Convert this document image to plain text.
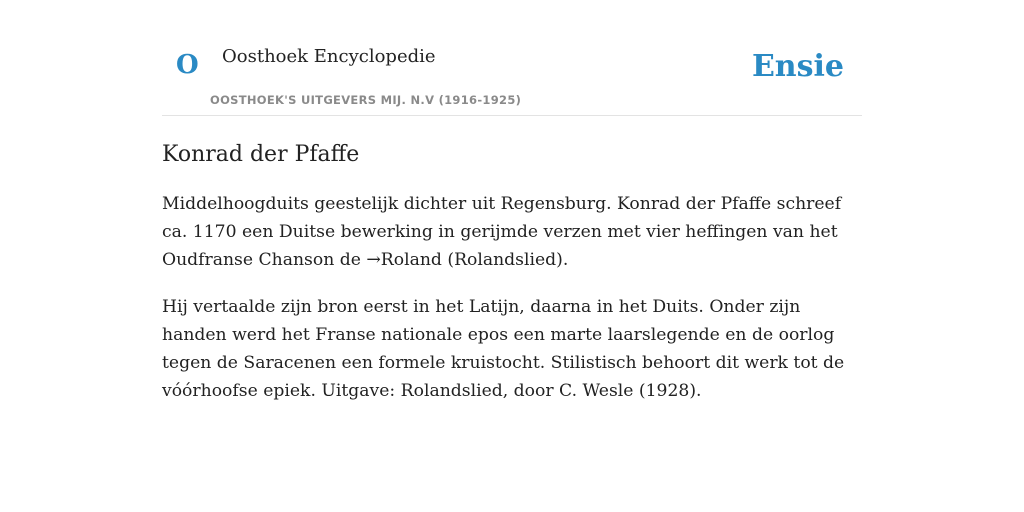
O Oosthoek Encyclopedie
OOSTHOEK'S UITGEVERS MIJ. N.V (1916-1925)
Ensie
Konrad der Pfaffe

Middelhoogduits geestelijk dichter uit Regensburg. Konrad der Pfaffe schreef ca. 1170 een Duitse bewerking in gerijmde verzen met vier heffingen van het Oudfranse Chanson de →Roland (Rolandslied).

Hij vertaalde zijn bron eerst in het Latijn, daarna in het Duits. Onder zijn handen werd het Franse nationale epos een marte laarslegende en de oorlog tegen de Saracenen een formele kruistocht. Stilistisch behoort dit werk tot de vóórhoofse epiek. Uitgave: Rolandslied, door C. Wesle (1928).
